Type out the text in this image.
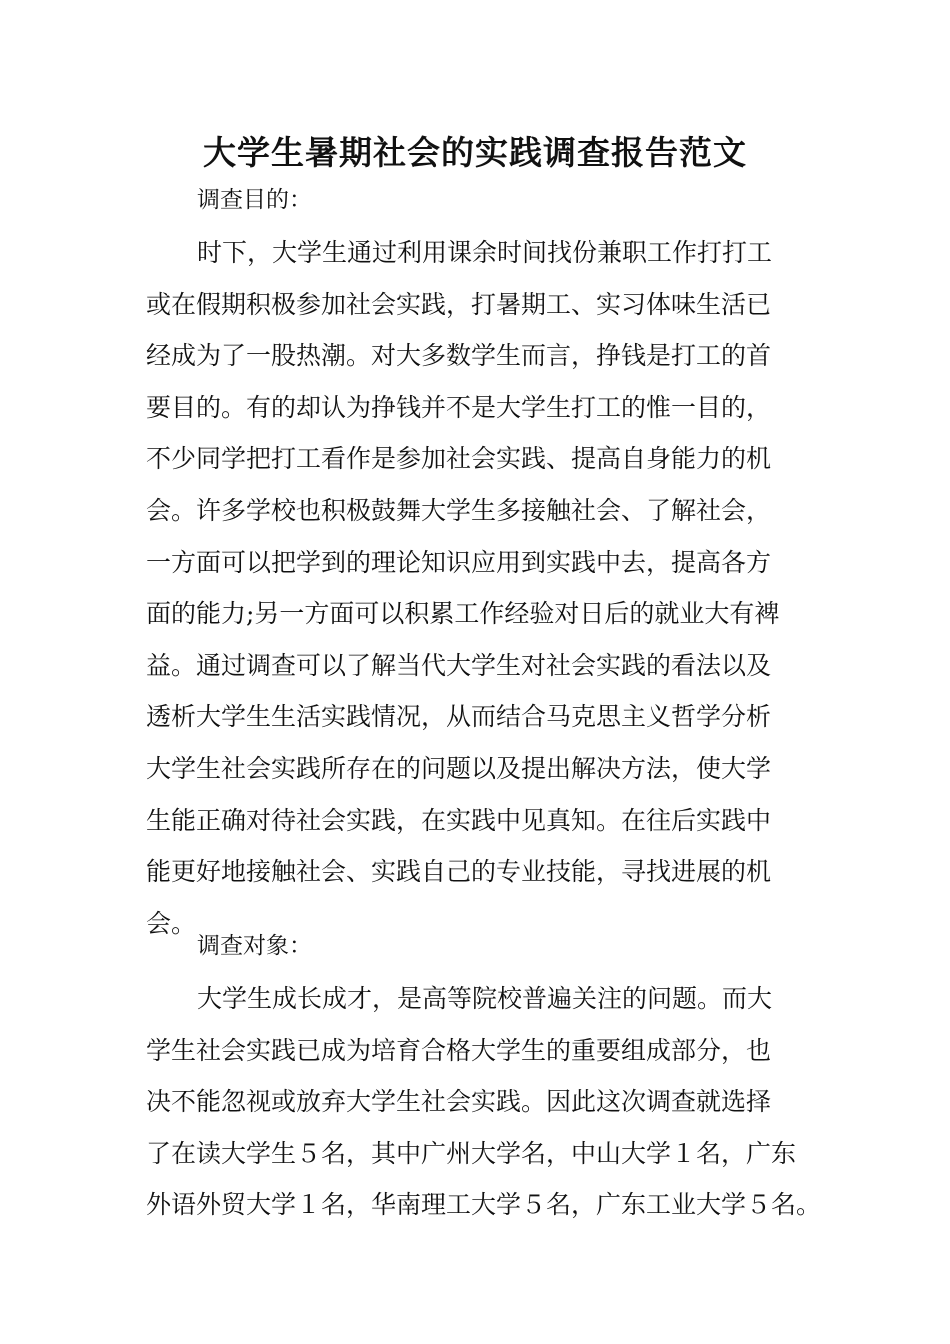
大学生暑期社会的实践调查报告范文

调查目的：

时下，大学生通过利用课余时间找份兼职工作打打工
或在假期积极参加社会实践，打暑期工、实习体味生活已
经成为了一股热潮。对大多数学生而言，挣钱是打工的首
要目的。有的却认为挣钱并不是大学生打工的惟一目的，
不少同学把打工看作是参加社会实践、提高自身能力的机
会。许多学校也积极鼓舞大学生多接触社会、了解社会，
一方面可以把学到的理论知识应用到实践中去，提高各方
面的能力;另一方面可以积累工作经验对日后的就业大有裨
益。通过调查可以了解当代大学生对社会实践的看法以及
透析大学生生活实践情况，从而结合马克思主义哲学分析
大学生社会实践所存在的问题以及提出解决方法，使大学
生能正确对待社会实践，在实践中见真知。在往后实践中
能更好地接触社会、实践自己的专业技能，寻找进展的机
会。

调查对象：

大学生成长成才，是高等院校普遍关注的问题。而大
学生社会实践已成为培育合格大学生的重要组成部分，也
决不能忽视或放弃大学生社会实践。因此这次调查就选择
了在读大学生５名，其中广州大学名，中山大学１名，广东
外语外贸大学１名，华南理工大学５名，广东工业大学５名。
